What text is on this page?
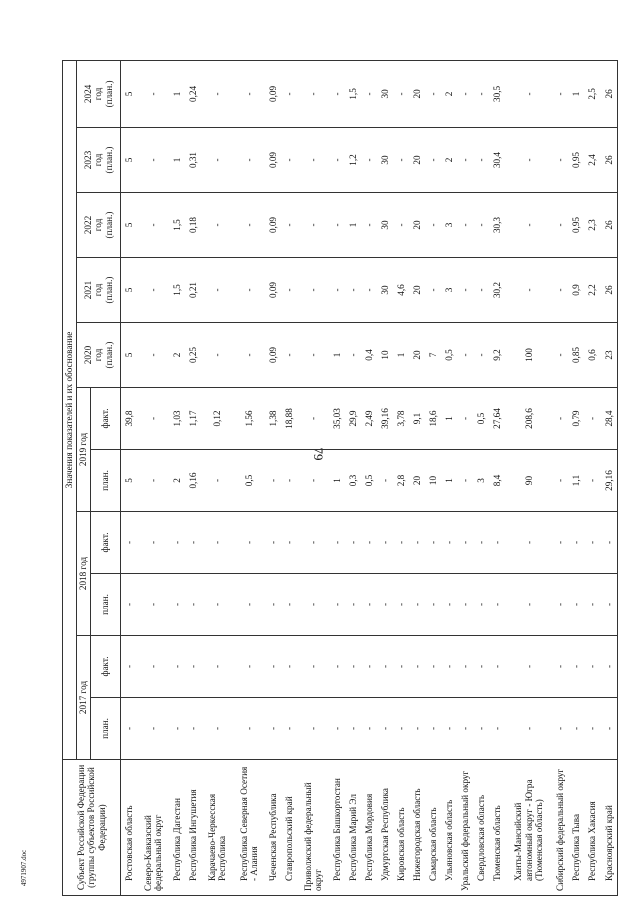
79
4971907.doc	Субъект Российской Федерации (группы субъектов Российской Федерации)	Значения показателей и их обоснование										
	2017 год		2018 год		2019 год		2020
год
(план.)	2021
год
(план.)	2022
год
(план.)	2023
год
(план.)	2024
год
(план.)
	план.	факт.	план.	факт.	план.	факт.					
Ростовская область	-	-	-	-	5	39,8	5	5	5	5	5
Северо-Кавказский федеральный округ	-	-	-	-	-	-	-	-	-	-	-
Республика Дагестан	-	-	-	-	2	1,03	2	1,5	1,5	1	1
Республика Ингушетия	-	-	-	-	0,16	1,17	0,25	0,21	0,18	0,31	0,24
Карачаево-Черкесская Республика	-	-	-	-	-	0,12	-	-	-	-	-
Республика Северная Осетия - Алания	-	-	-	-	0,5	1,56	-	-	-	-	-
Чеченская Республика	-	-	-	-	-	1,38	0,09	0,09	0,09	0,09	0,09
Ставропольский край	-	-	-	-	-	18,88	-	-	-	-	-
Приволжский федеральный округ	-	-	-	-	-	-	-	-	-	-	-
Республика Башкортостан	-	-	-	-	1	35,03	1	-	-	-	-
Республика Марий Эл	-	-	-	-	0,3	29,9	-	-	1	1,2	1,5
Республика Мордовия	-	-	-	-	0,5	2,49	0,4	-	-	-	-
Удмуртская Республика	-	-	-	-	-	39,16	10	30	30	30	30
Кировская область	-	-	-	-	2,8	3,78	1	4,6	-	-	-
Нижегородская область	-	-	-	-	20	9,1	20	20	20	20	20
Самарская область	-	-	-	-	10	18,6	7	-	-	-	-
Ульяновская область	-	-	-	-	1	1	0,5	3	3	2	2
Уральский федеральный округ	-	-	-	-	-	-	-	-	-	-	-
Свердловская область	-	-	-	-	3	0,5	-	-	-	-	-
Тюменская область	-	-	-	-	8,4	27,64	9,2	30,2	30,3	30,4	30,5
Ханты-Мансийский автономный округ - Югра (Тюменская область)	-	-	-	-	90	208,6	100	-	-	-	-
Сибирский федеральный округ	-	-	-	-	-	-	-	-	-	-	-
Республика Тыва	-	-	-	-	1,1	0,79	0,85	0,9	0,95	0,95	1
Республика Хакасия	-	-	-	-	-	-	0,6	2,2	2,3	2,4	2,5
Красноярский край	-	-	-	-	29,16	28,4	23	26	26	26	26
